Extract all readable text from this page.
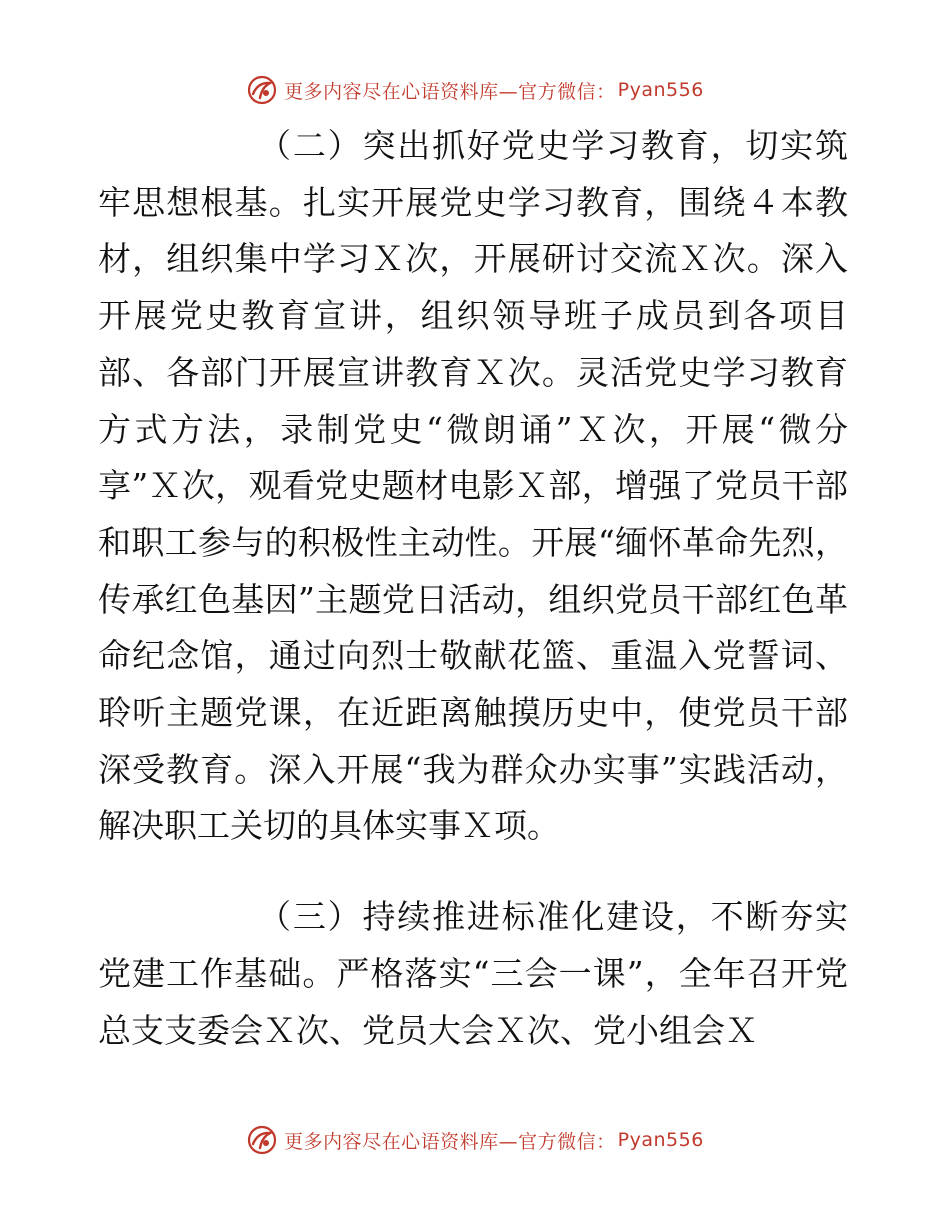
更多内容尽在心语资料库—官方微信： Pyan556

（二）突出抓好党史学习教育，切实筑牢思想根基。扎实开展党史学习教育，围绕４本教材，组织集中学习Ｘ次，开展研讨交流Ｘ次。深入开展党史教育宣讲，组织领导班子成员到各项目部、各部门开展宣讲教育Ｘ次。灵活党史学习教育方式方法，录制党史“微朗诵”Ｘ次，开展“微分享”Ｘ次，观看党史题材电影Ｘ部，增强了党员干部和职工参与的积极性主动性。开展“缅怀革命先烈，传承红色基因”主题党日活动，组织党员干部红色革命纪念馆，通过向烈士敬献花篮、重温入党誓词、聆听主题党课，在近距离触摸历史中，使党员干部深受教育。深入开展“我为群众办实事”实践活动，解决职工关切的具体实事Ｘ项。

（三）持续推进标准化建设，不断夯实党建工作基础。严格落实“三会一课”，全年召开党总支支委会Ｘ次、党员大会Ｘ次、党小组会Ｘ

更多内容尽在心语资料库—官方微信： Pyan556
